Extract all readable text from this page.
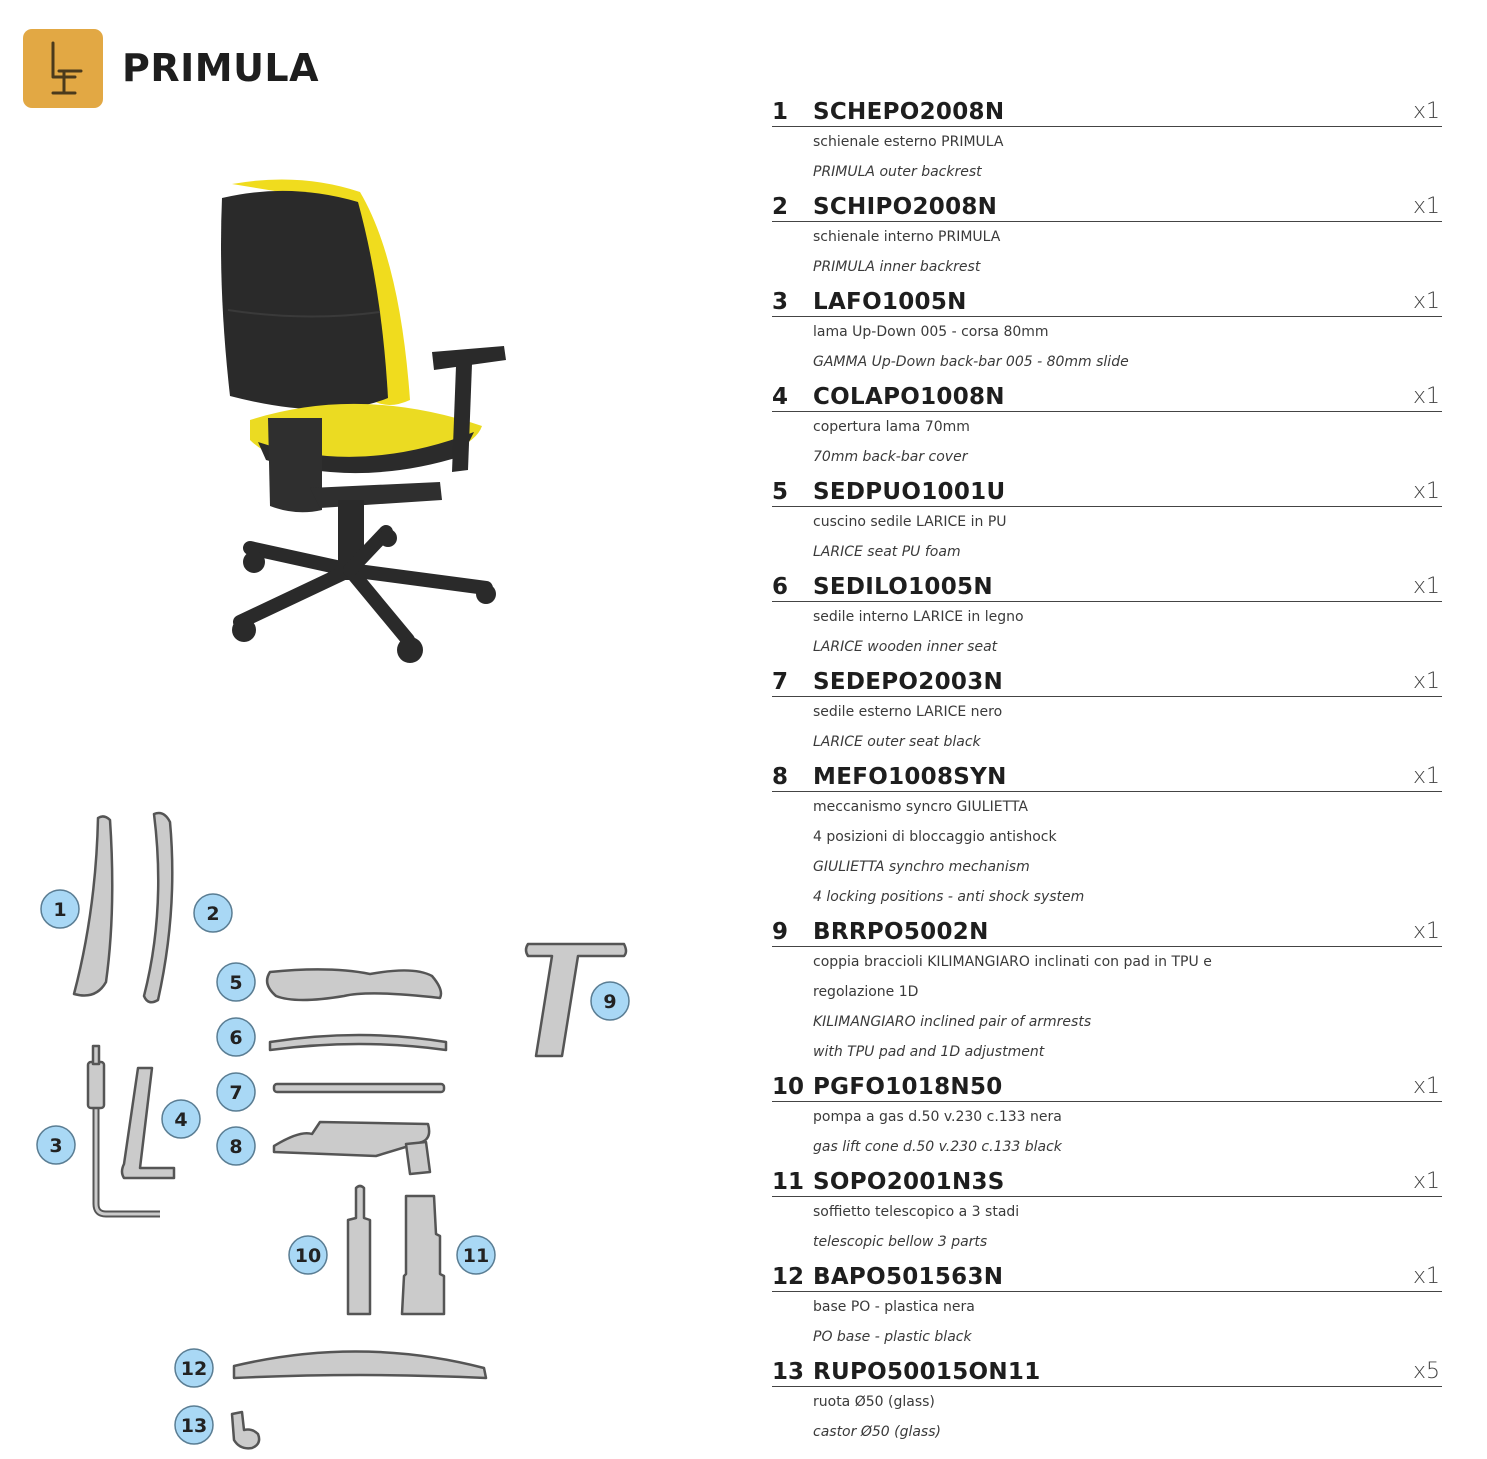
PRIMULA
1	2
5
6
7
8
9
3
4
10	11
12
13
1 SCHEPO2008N	x1
schienale esterno PRIMULA
PRIMULA outer backrest
2 SCHIPO2008N	x1
schienale interno PRIMULA
PRIMULA inner backrest
3 LAFO1005N	x1
lama Up-Down 005 - corsa 80mm
GAMMA Up-Down back-bar 005 - 80mm slide
4 COLAPO1008N	x1
copertura lama 70mm
70mm back-bar cover
5 SEDPUO1001U	x1
cuscino sedile LARICE in PU
LARICE seat PU foam
6 SEDILO1005N	x1
sedile interno LARICE in legno
LARICE wooden inner seat
7 SEDEPO2003N	x1
sedile esterno LARICE nero
LARICE outer seat black
8 MEFO1008SYN	x1
meccanismo syncro GIULIETTA
4 posizioni di bloccaggio antishock
GIULIETTA synchro mechanism
4 locking positions - anti shock system
9 BRRPO5002N	x1
coppia braccioli KILIMANGIARO inclinati con pad in TPU e
regolazione 1D
KILIMANGIARO inclined pair of armrests
with TPU pad and 1D adjustment
10 PGFO1018N50	x1
pompa a gas d.50 v.230 c.133 nera
gas lift cone d.50 v.230 c.133 black
11 SOPO2001N3S	x1
soffietto telescopico a 3 stadi
telescopic bellow 3 parts
12 BAPO501563N	x1
base PO - plastica nera
PO base - plastic black
13 RUPO50015ON11	x5
ruota Ø50 (glass)
castor Ø50 (glass)
